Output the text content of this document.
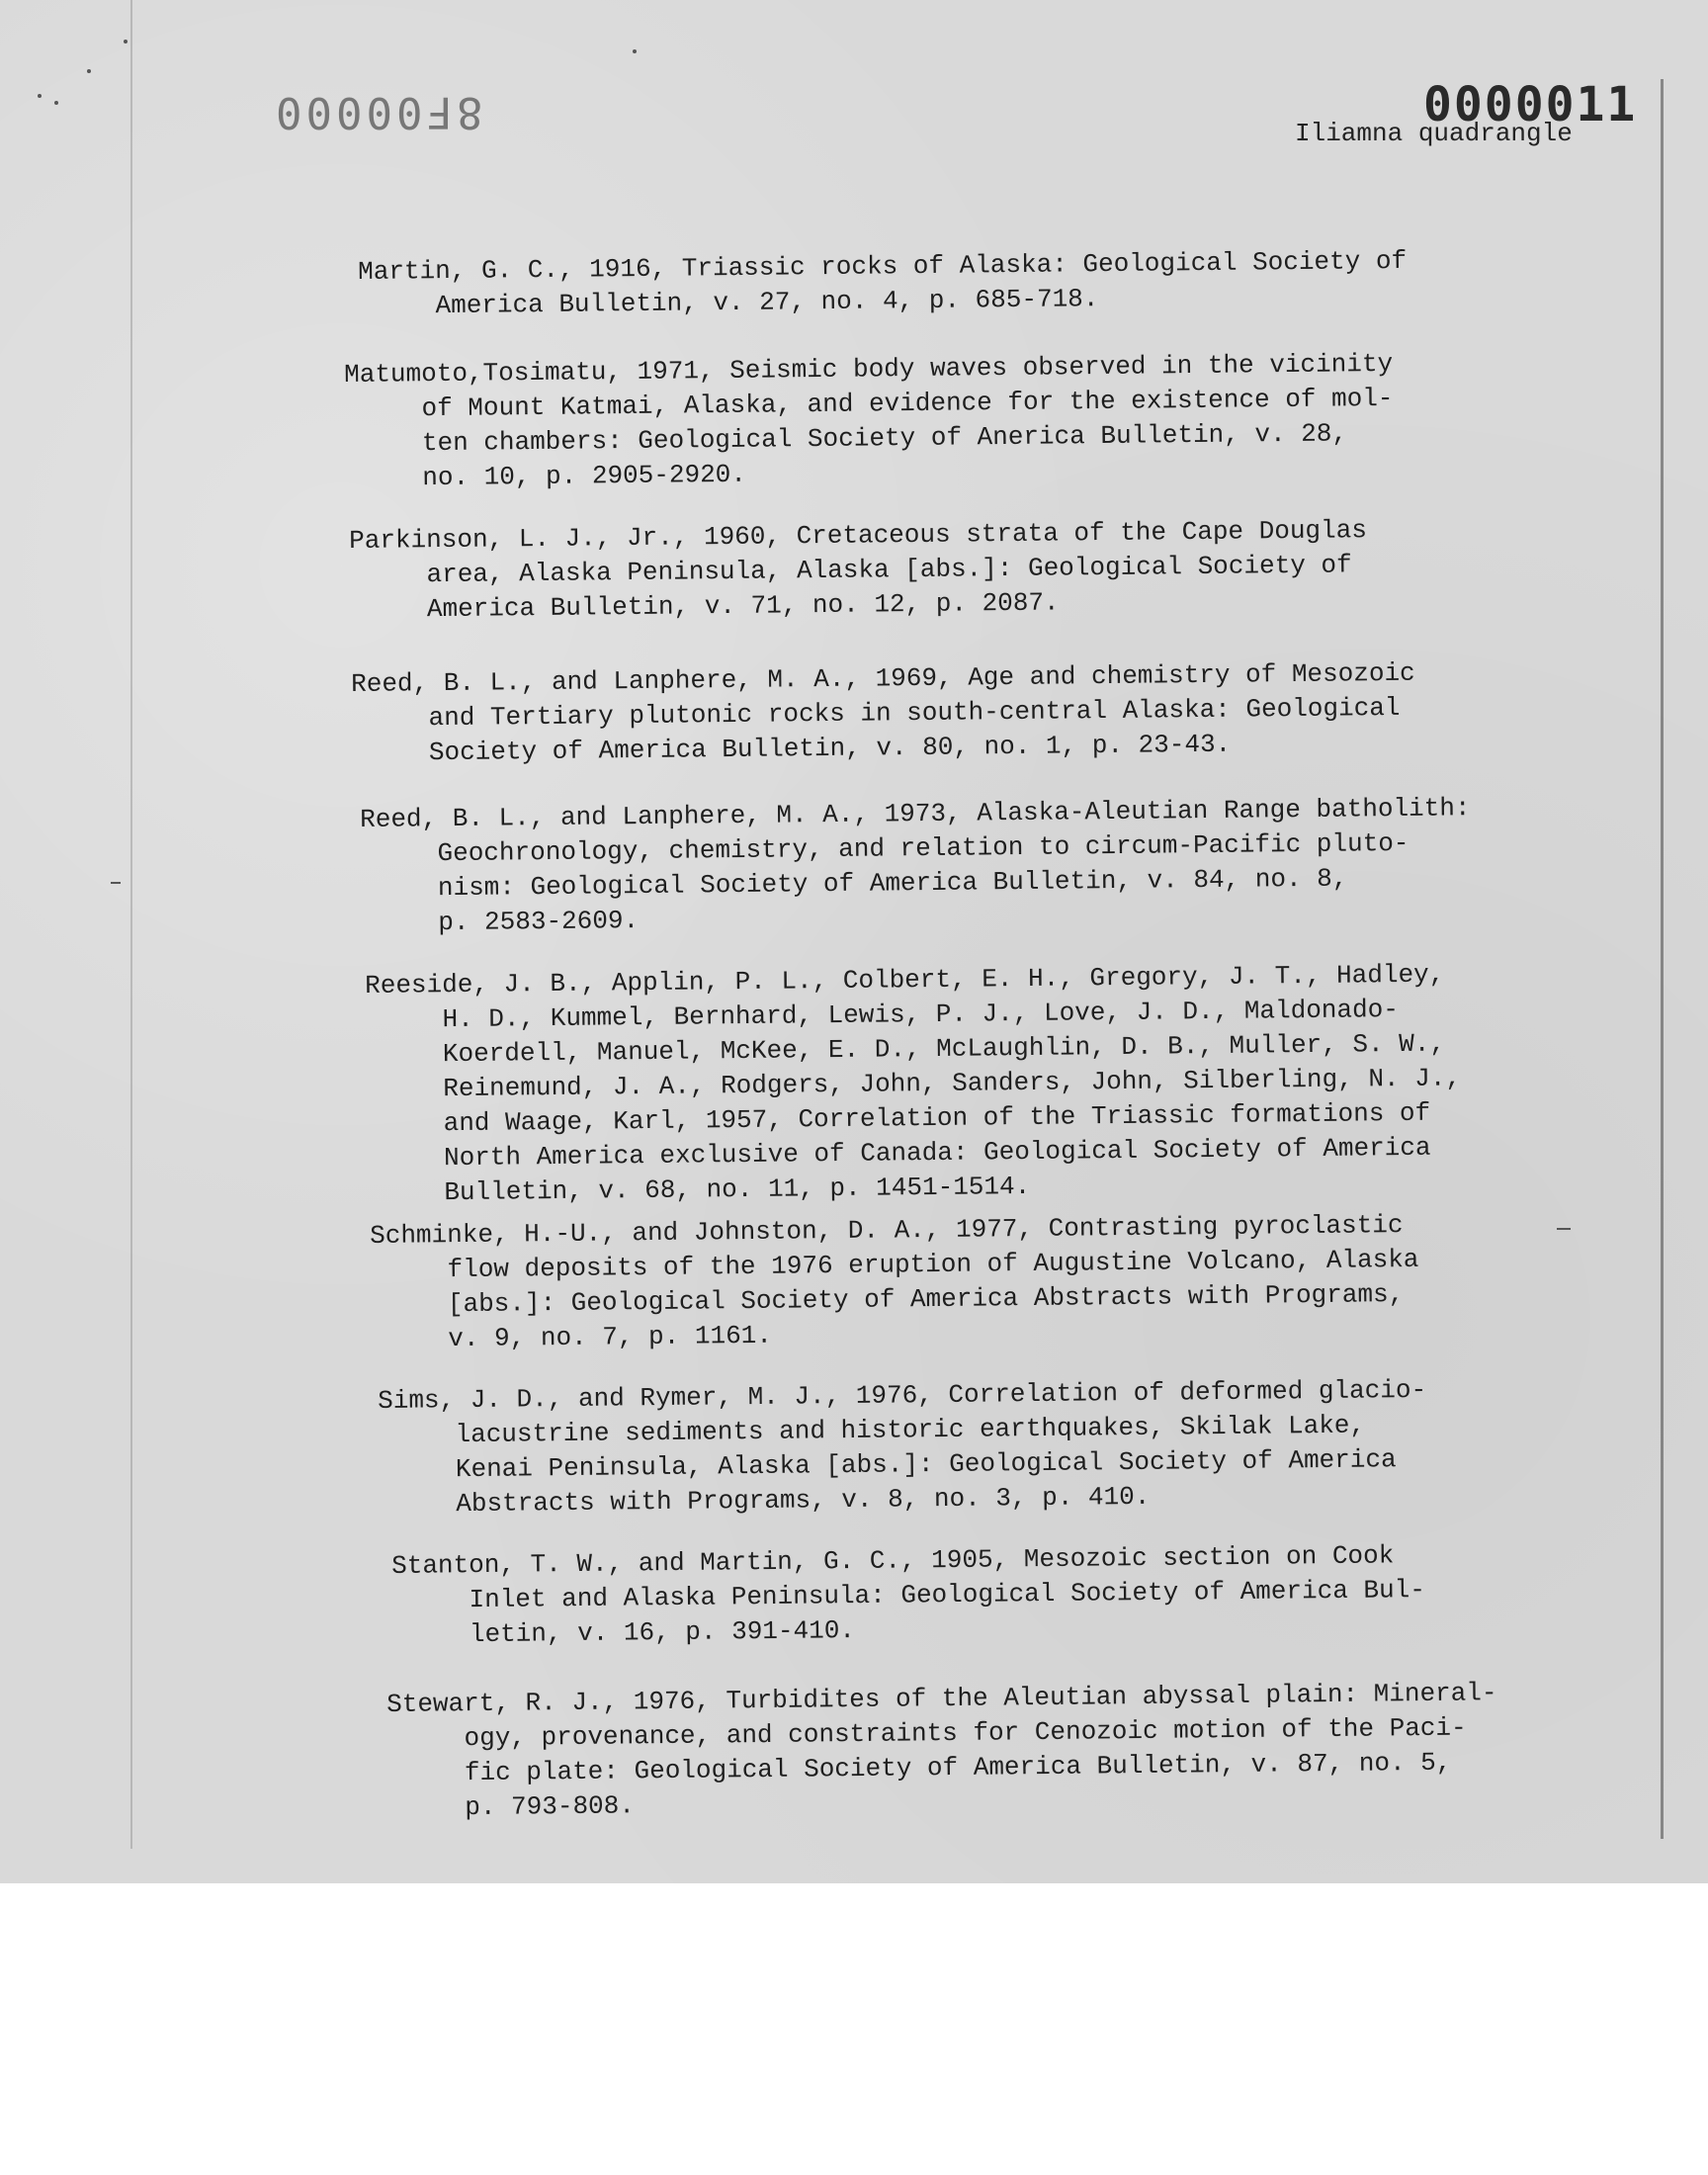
8F00000	0000011
Iliamna quadrangle
Martin, G. C., 1916, Triassic rocks of Alaska: Geological Society of
America Bulletin, v. 27, no. 4, p. 685-718.
Matumoto,Tosimatu, 1971, Seismic body waves observed in the vicinity
of Mount Katmai, Alaska, and evidence for the existence of mol-
ten chambers: Geological Society of Anerica Bulletin, v. 28,
no. 10, p. 2905-2920.
Parkinson, L. J., Jr., 1960, Cretaceous strata of the Cape Douglas
area, Alaska Peninsula, Alaska [abs.]: Geological Society of
America Bulletin, v. 71, no. 12, p. 2087.
Reed, B. L., and Lanphere, M. A., 1969, Age and chemistry of Mesozoic
and Tertiary plutonic rocks in south-central Alaska: Geological
Society of America Bulletin, v. 80, no. 1, p. 23-43.
Reed, B. L., and Lanphere, M. A., 1973, Alaska-Aleutian Range batholith:
Geochronology, chemistry, and relation to circum-Pacific pluto-
nism: Geological Society of America Bulletin, v. 84, no. 8,
p. 2583-2609.
Reeside, J. B., Applin, P. L., Colbert, E. H., Gregory, J. T., Hadley,
H. D., Kummel, Bernhard, Lewis, P. J., Love, J. D., Maldonado-
Koerdell, Manuel, McKee, E. D., McLaughlin, D. B., Muller, S. W.,
Reinemund, J. A., Rodgers, John, Sanders, John, Silberling, N. J.,
and Waage, Karl, 1957, Correlation of the Triassic formations of
North America exclusive of Canada: Geological Society of America
Bulletin, v. 68, no. 11, p. 1451-1514.
Schminke, H.-U., and Johnston, D. A., 1977, Contrasting pyroclastic
flow deposits of the 1976 eruption of Augustine Volcano, Alaska
[abs.]: Geological Society of America Abstracts with Programs,
v. 9, no. 7, p. 1161.
Sims, J. D., and Rymer, M. J., 1976, Correlation of deformed glacio-
lacustrine sediments and historic earthquakes, Skilak Lake,
Kenai Peninsula, Alaska [abs.]: Geological Society of America
Abstracts with Programs, v. 8, no. 3, p. 410.
Stanton, T. W., and Martin, G. C., 1905, Mesozoic section on Cook
Inlet and Alaska Peninsula: Geological Society of America Bul-
letin, v. 16, p. 391-410.
Stewart, R. J., 1976, Turbidites of the Aleutian abyssal plain: Mineral-
ogy, provenance, and constraints for Cenozoic motion of the Paci-
fic plate: Geological Society of America Bulletin, v. 87, no. 5,
p. 793-808.
